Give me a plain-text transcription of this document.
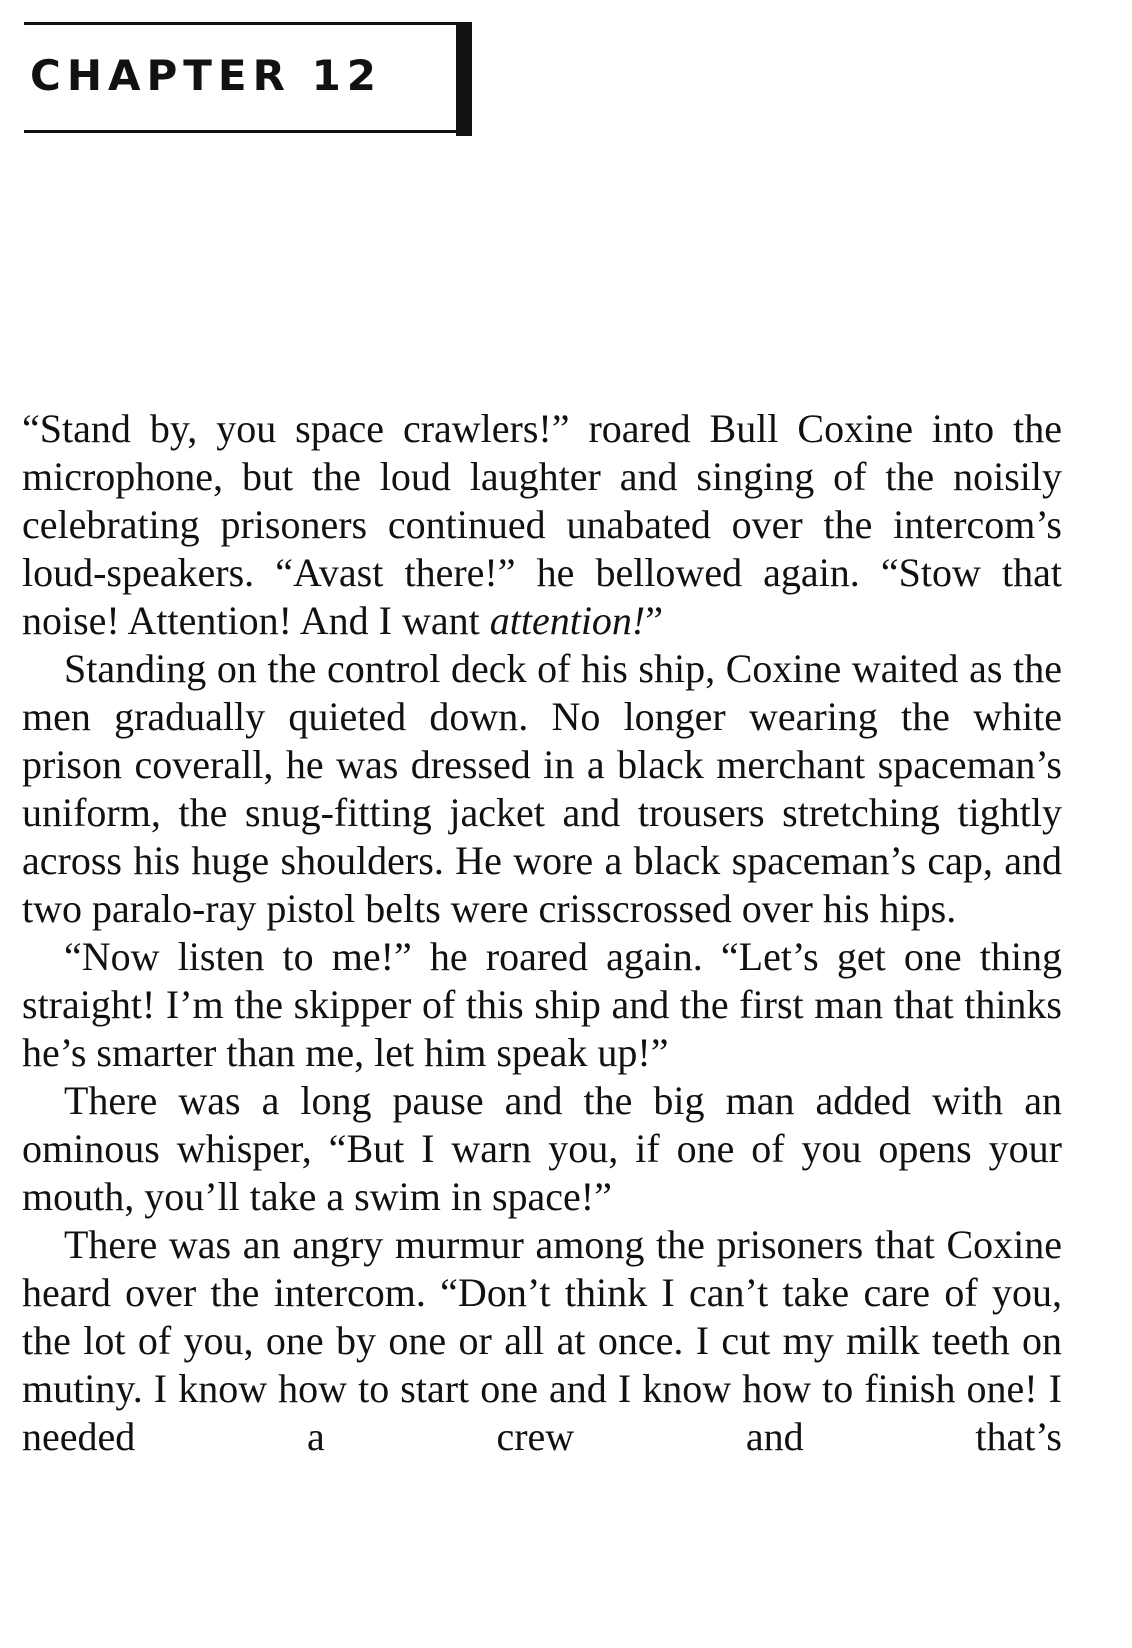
CHAPTER 12

“Stand by, you space crawlers!” roared Bull Coxine into the microphone, but the loud laughter and singing of the noisily celebrating prisoners continued unabated over the intercom’s loud-speakers. “Avast there!” he bellowed again. “Stow that noise! Attention! And I want attention!”

Standing on the control deck of his ship, Coxine waited as the men gradually quieted down. No longer wearing the white prison coverall, he was dressed in a black merchant spaceman’s uniform, the snug-fitting jacket and trousers stretching tightly across his huge shoulders. He wore a black spaceman’s cap, and two paralo-ray pistol belts were crisscrossed over his hips.

“Now listen to me!” he roared again. “Let’s get one thing straight! I’m the skipper of this ship and the first man that thinks he’s smarter than me, let him speak up!”

There was a long pause and the big man added with an ominous whisper, “But I warn you, if one of you opens your mouth, you’ll take a swim in space!”

There was an angry murmur among the prisoners that Coxine heard over the intercom. “Don’t think I can’t take care of you, the lot of you, one by one or all at once. I cut my milk teeth on mutiny. I know how to start one and I know how to finish one! I needed a crew and that’s
